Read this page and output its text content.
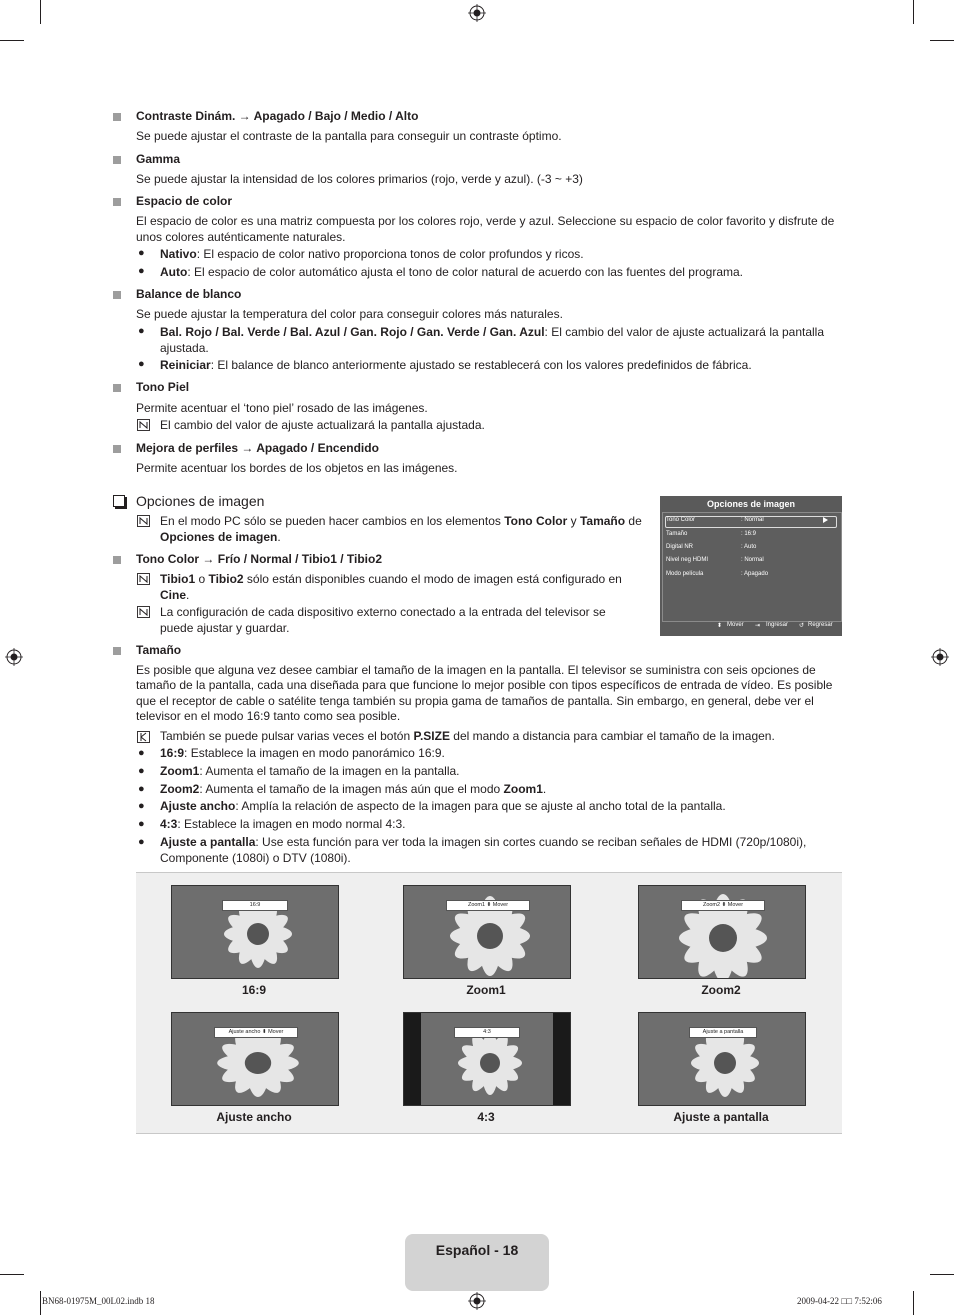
Contraste Dinám. → Apagado / Bajo / Medio / Alto
Se puede ajustar el contraste de la pantalla para conseguir un contraste óptimo.
Gamma
Se puede ajustar la intensidad de los colores primarios (rojo, verde y azul). (-3 ~ +3)
Espacio de color
El espacio de color es una matriz compuesta por los colores rojo, verde y azul. Seleccione su espacio de color favorito y disfrute de unos colores auténticamente naturales.
● Nativo: El espacio de color nativo proporciona tonos de color profundos y ricos.
● Auto: El espacio de color automático ajusta el tono de color natural de acuerdo con las fuentes del programa.
Balance de blanco
Se puede ajustar la temperatura del color para conseguir colores más naturales.
● Bal. Rojo / Bal. Verde / Bal. Azul / Gan. Rojo / Gan. Verde / Gan. Azul: El cambio del valor de ajuste actualizará la pantalla ajustada.
● Reiniciar: El balance de blanco anteriormente ajustado se restablecerá con los valores predefinidos de fábrica.
Tono Piel
Permite acentuar el ‘tono piel’ rosado de las imágenes.
El cambio del valor de ajuste actualizará la pantalla ajustada.
Mejora de perfiles → Apagado / Encendido
Permite acentuar los bordes de los objetos en las imágenes.
Opciones de imagen
En el modo PC sólo se pueden hacer cambios en los elementos Tono Color y Tamaño de Opciones de imagen.
Tono Color → Frío / Normal / Tibio1 / Tibio2
Tibio1 o Tibio2 sólo están disponibles cuando el modo de imagen está configurado en Cine.
La configuración de cada dispositivo externo conectado a la entrada del televisor se puede ajustar y guardar.
Opciones de imagen
Tono Color	: Normal
Tamaño	: 16:9
Digital NR	: Auto
Nivel neg HDMI	: Normal
Modo película	: Apagado
⬍ Mover ⇥ Ingresar ↺ Regresar
Tamaño
Es posible que alguna vez desee cambiar el tamaño de la imagen en la pantalla. El televisor se suministra con seis opciones de tamaño de la pantalla, cada una diseñada para que funcione lo mejor posible con tipos específicos de entrada de vídeo. Es posible que el receptor de cable o satélite tenga también su propia gama de tamaños de pantalla. Sin embargo, en general, debe ver el televisor en el modo 16:9 tanto como sea posible.
También se puede pulsar varias veces el botón P.SIZE del mando a distancia para cambiar el tamaño de la imagen.
● 16:9: Establece la imagen en modo panorámico 16:9.
● Zoom1: Aumenta el tamaño de la imagen en la pantalla.
● Zoom2: Aumenta el tamaño de la imagen más aún que el modo Zoom1.
● Ajuste ancho: Amplía la relación de aspecto de la imagen para que se ajuste al ancho total de la pantalla.
● 4:3: Establece la imagen en modo normal 4:3.
● Ajuste a pantalla: Use esta función para ver toda la imagen sin cortes cuando se reciban señales de HDMI (720p/1080i), Componente (1080i) o DTV (1080i).
16:9
16:9
Zoom1 ⬍ Mover
Zoom1
Zoom2 ⬍ Mover
Zoom2
Ajuste ancho ⬍ Mover
Ajuste ancho
4:3
4:3
Ajuste a pantalla
Ajuste a pantalla
Español - 18
BN68-01975M_00L02.indb 18	2009-04-22 □□ 7:52:06
